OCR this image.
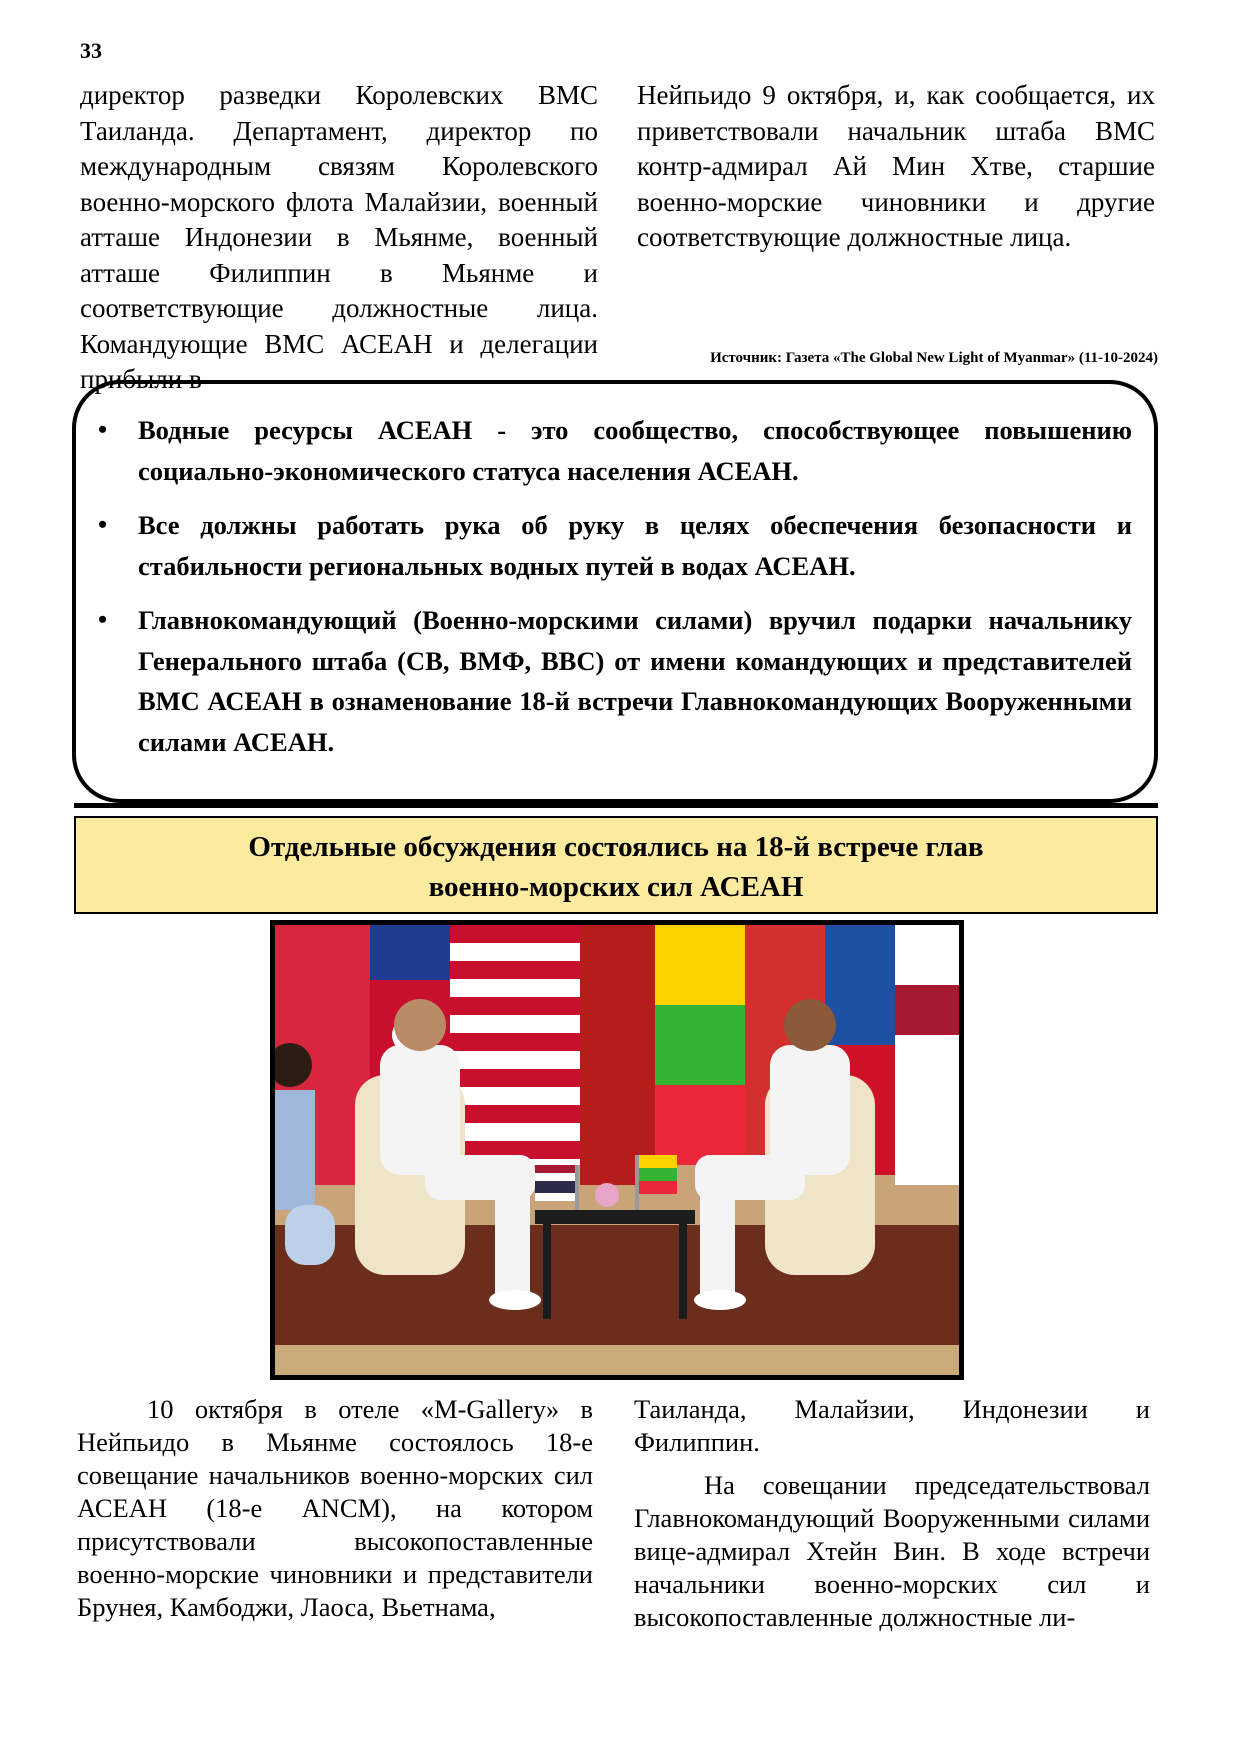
33

директор разведки Королевских ВМС Таиланда. Департамент, директор по международным связям Королевского военно-морского флота Малайзии, военный атташе Индонезии в Мьянме, военный атташе Филиппин в Мьянме и соответствующие должностные лица. Командующие ВМС АСЕАН и делегации прибыли в

Нейпьидо 9 октября, и, как сообщается, их приветствовали начальник штаба ВМС контр-адмирал Ай Мин Хтве, старшие военно-морские чиновники и другие соответствующие должностные лица.

Источник: Газета «The Global New Light of Myanmar» (11-10-2024)
• Водные ресурсы АСЕАН - это сообщество, способствующее повышению социально-экономического статуса населения АСЕАН.
• Все должны работать рука об руку в целях обеспечения безопасности и стабильности региональных водных путей в водах АСЕАН.
• Главнокомандующий (Военно-морскими силами) вручил подарки начальнику Генерального штаба (СВ, ВМФ, ВВС) от имени командующих и представителей ВМС АСЕАН в ознаменование 18-й встречи Главнокомандующих Вооруженными силами АСЕАН.
Отдельные обсуждения состоялись на 18-й встрече глав
военно-морских сил АСЕАН

10 октября в отеле «M-Gallery» в Нейпьидо в Мьянме состоялось 18-е совещание начальников военно-морских сил АСЕАН (18-е ANCM), на котором присутствовали высокопоставленные военно-морские чиновники и представители Брунея, Камбоджи, Лаоса, Вьетнама,

Таиланда, Малайзии, Индонезии и Филиппин.

На совещании председательствовал Главнокомандующий Вооруженными силами вице-адмирал Хтейн Вин. В ходе встречи начальники военно-морских сил и высокопоставленные должностные ли-
